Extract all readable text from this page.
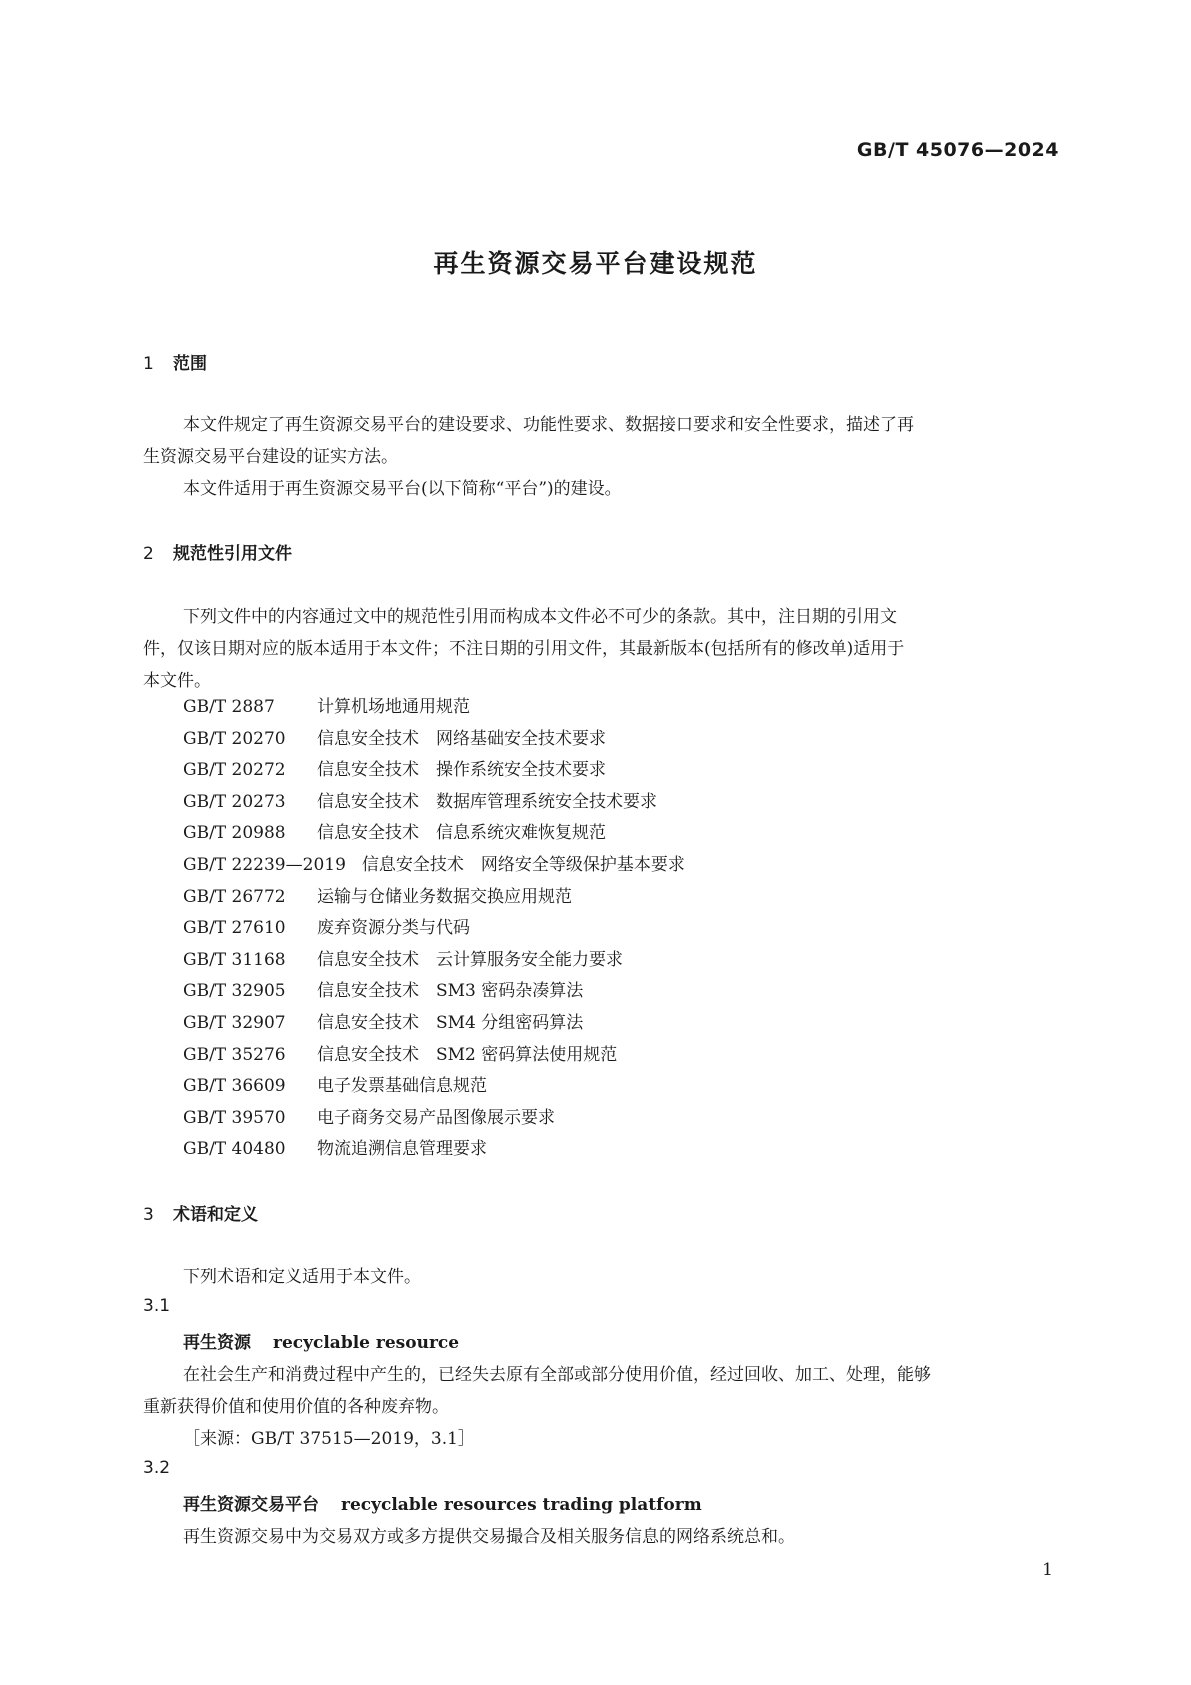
GB/T 45076—2024
再生资源交易平台建设规范
1 范围
本文件规定了再生资源交易平台的建设要求、功能性要求、数据接口要求和安全性要求，描述了再
生资源交易平台建设的证实方法。
本文件适用于再生资源交易平台(以下简称“平台”)的建设。
2 规范性引用文件
下列文件中的内容通过文中的规范性引用而构成本文件必不可少的条款。其中，注日期的引用文
件，仅该日期对应的版本适用于本文件；不注日期的引用文件，其最新版本(包括所有的修改单)适用于
本文件。
GB/T 2887 计算机场地通用规范
GB/T 20270 信息安全技术　网络基础安全技术要求
GB/T 20272 信息安全技术　操作系统安全技术要求
GB/T 20273 信息安全技术　数据库管理系统安全技术要求
GB/T 20988 信息安全技术　信息系统灾难恢复规范
GB/T 22239—2019 信息安全技术　网络安全等级保护基本要求
GB/T 26772 运输与仓储业务数据交换应用规范
GB/T 27610 废弃资源分类与代码
GB/T 31168 信息安全技术　云计算服务安全能力要求
GB/T 32905 信息安全技术　SM3 密码杂凑算法
GB/T 32907 信息安全技术　SM4 分组密码算法
GB/T 35276 信息安全技术　SM2 密码算法使用规范
GB/T 36609 电子发票基础信息规范
GB/T 39570 电子商务交易产品图像展示要求
GB/T 40480 物流追溯信息管理要求
3 术语和定义
下列术语和定义适用于本文件。
3.1
再生资源 recyclable resource
在社会生产和消费过程中产生的，已经失去原有全部或部分使用价值，经过回收、加工、处理，能够
重新获得价值和使用价值的各种废弃物。
［来源：GB/T 37515—2019，3.1］
3.2
再生资源交易平台 recyclable resources trading platform
再生资源交易中为交易双方或多方提供交易撮合及相关服务信息的网络系统总和。
1
